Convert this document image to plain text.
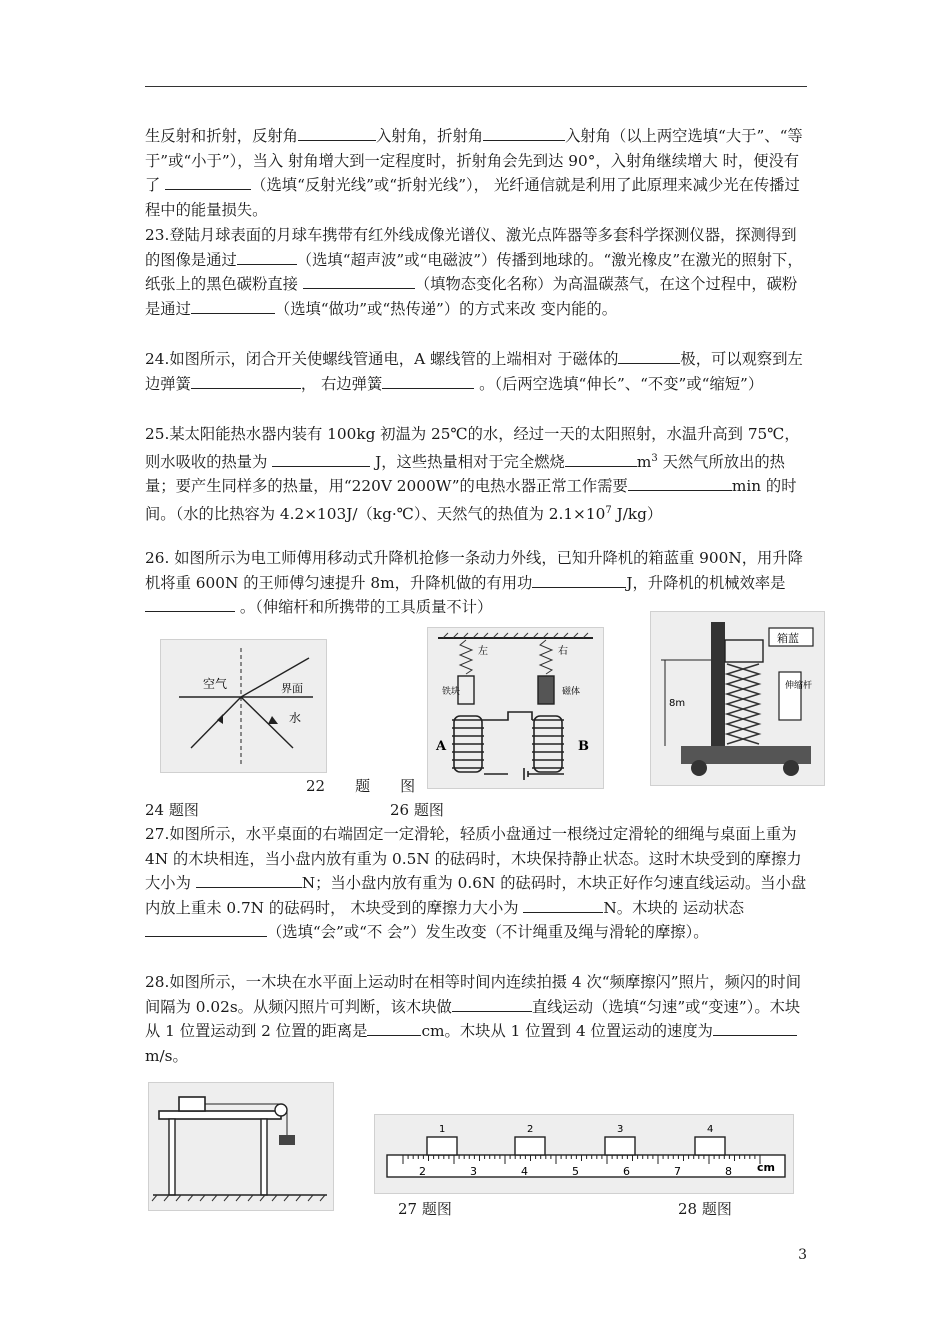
生反射和折射，反射角	入射角，折射角	入射角（以上两空选填“大于”、“等于”或“小于”），当入 射角增大到一定程度时，折射角会先到达 90°，入射角继续增大 时，便没有了	（选填“反射光线”或“折射光线”）， 光纤通信就是利用了此原理来减少光在传播过程中的能量损失。

23.登陆月球表面的月球车携带有红外线成像光谱仪、激光点阵器等多套科学探测仪器，探测得到的图像是通过	（选填“超声波”或“电磁波”）传播到地球的。“激光橡皮”在激光的照射下，纸张上的黑色碳粉直接	（填物态变化名称）为高温碳蒸气，在这个过程中，碳粉是通过	（选填“做功”或“热传递”）的方式来改 变内能的。

24.如图所示，闭合开关使螺线管通电，A 螺线管的上端相对 于磁体的	极，可以观察到左边弹簧	， 右边弹簧	。（后两空选填“伸长”、“不变”或“缩短”）

25.某太阳能热水器内装有 100kg 初温为 25℃的水，经过一天的太阳照射，水温升高到 75℃，则水吸收的热量为	J，这些热量相对于完全燃烧	$m^3$ 天然气所放出的热量；要产生同样多的热量，用“220V 2000W”的电热水器正常工作需要	min 的时间。（水的比热容为 4.2×103J/（kg·℃）、天然气的热值为 $2.1\times 10^7$ J/kg）

26. 如图所示为电工师傅用移动式升降机抢修一条动力外线，已知升降机的箱蓝重 900N，用升降机将重 600N 的王师傅匀速提升 8m，升降机做的有用功	J，升降机的机械效率是 。（伸缩杆和所携带的工具质量不计）

空气	界面
水
左	右
铁块	磁体
A	B
8m
箱蓝
伸缩杆
22　　题　　图
24 题图	26 题图

27.如图所示，水平桌面的右端固定一定滑轮，轻质小盘通过一根绕过定滑轮的细绳与桌面上重为 4N 的木块相连，当小盘内放有重为 0.5N 的砝码时，木块保持静止状态。这时木块受到的摩擦力大小为	N；当小盘内放有重为 0.6N 的砝码时，木块正好作匀速直线运动。当小盘内放上重未 0.7N 的砝码时， 木块受到的摩擦力大小为	N。木块的 运动状态 （选填“会”或“不 会”）发生改变（不计绳重及绳与滑轮的摩擦）。

28.如图所示，一木块在水平面上运动时在相等时间内连续拍摄 4 次“频摩擦闪”照片，频闪的时间间隔为 0.02s。从频闪照片可判断，该木块做	直线运动（选填“匀速”或“变速”）。木块从 1 位置运动到 2 位置的距离是	cm。木块从 1 位置到 4 位置运动的速度为m/s。

2	3	4	5	6	7	8 cm
1	2	3	4
27 题图	28 题图
3
